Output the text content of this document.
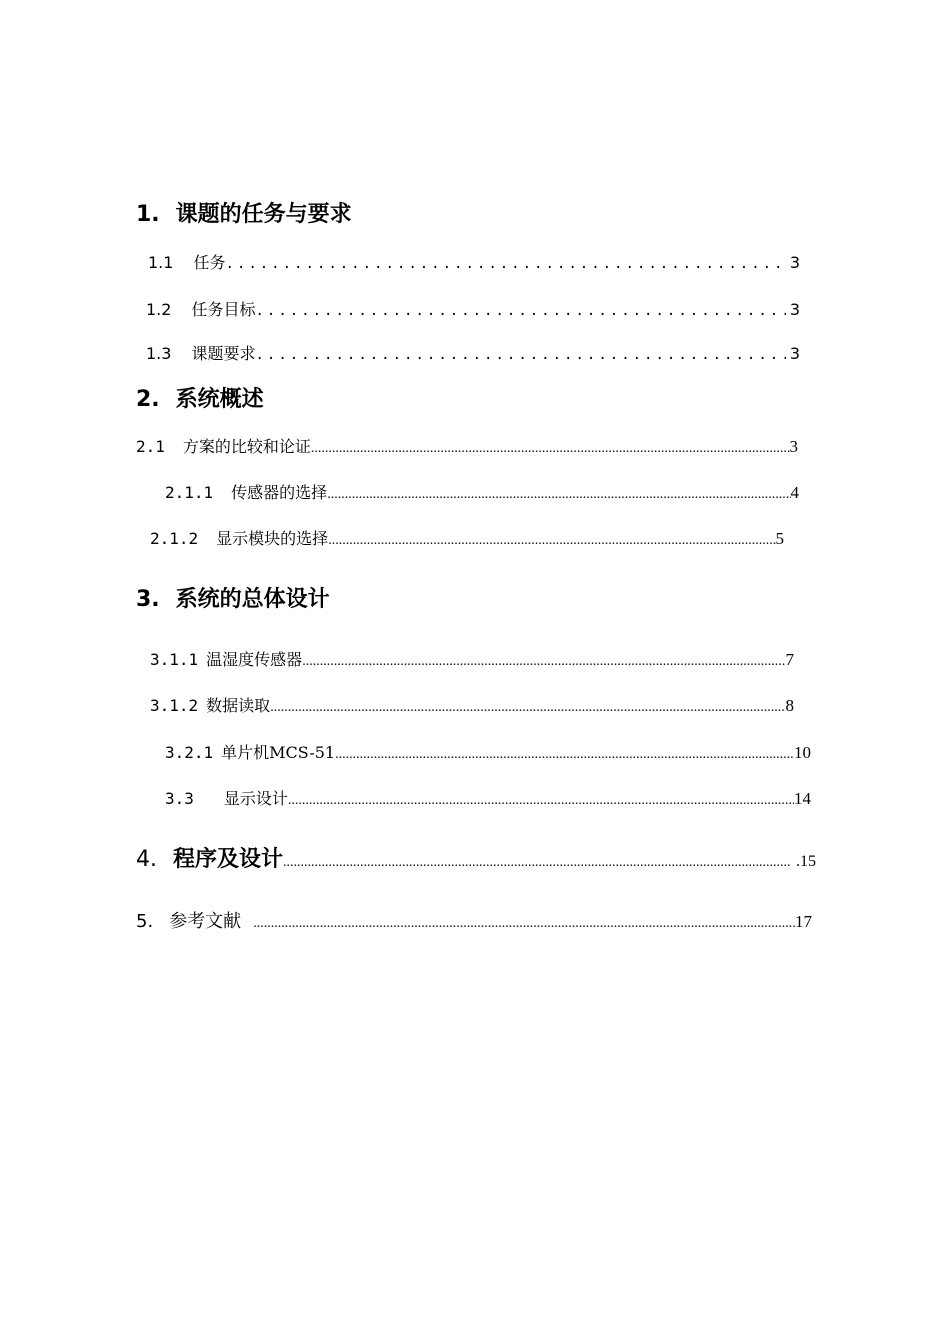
1. 课题的任务与要求
1.1 任务 .....	3
1.2 任务目标 .....	3
1.3 课题要求 .....	3
2. 系统概述
2.1 方案的比较和论证 .....	3
2.1.1 传感器的选择 .....	4
2.1.2 显示模块的选择 .....	5
3. 系统的总体设计
3.1.1 温湿度传感器 .....	7
3.1.2 数据读取 .....	8
3.2.1 单片机MCS-51 .....	10
3.3 显示设计 .....	14
4. 程序及设计 .....	.15
5. 参考文献 .....	17
